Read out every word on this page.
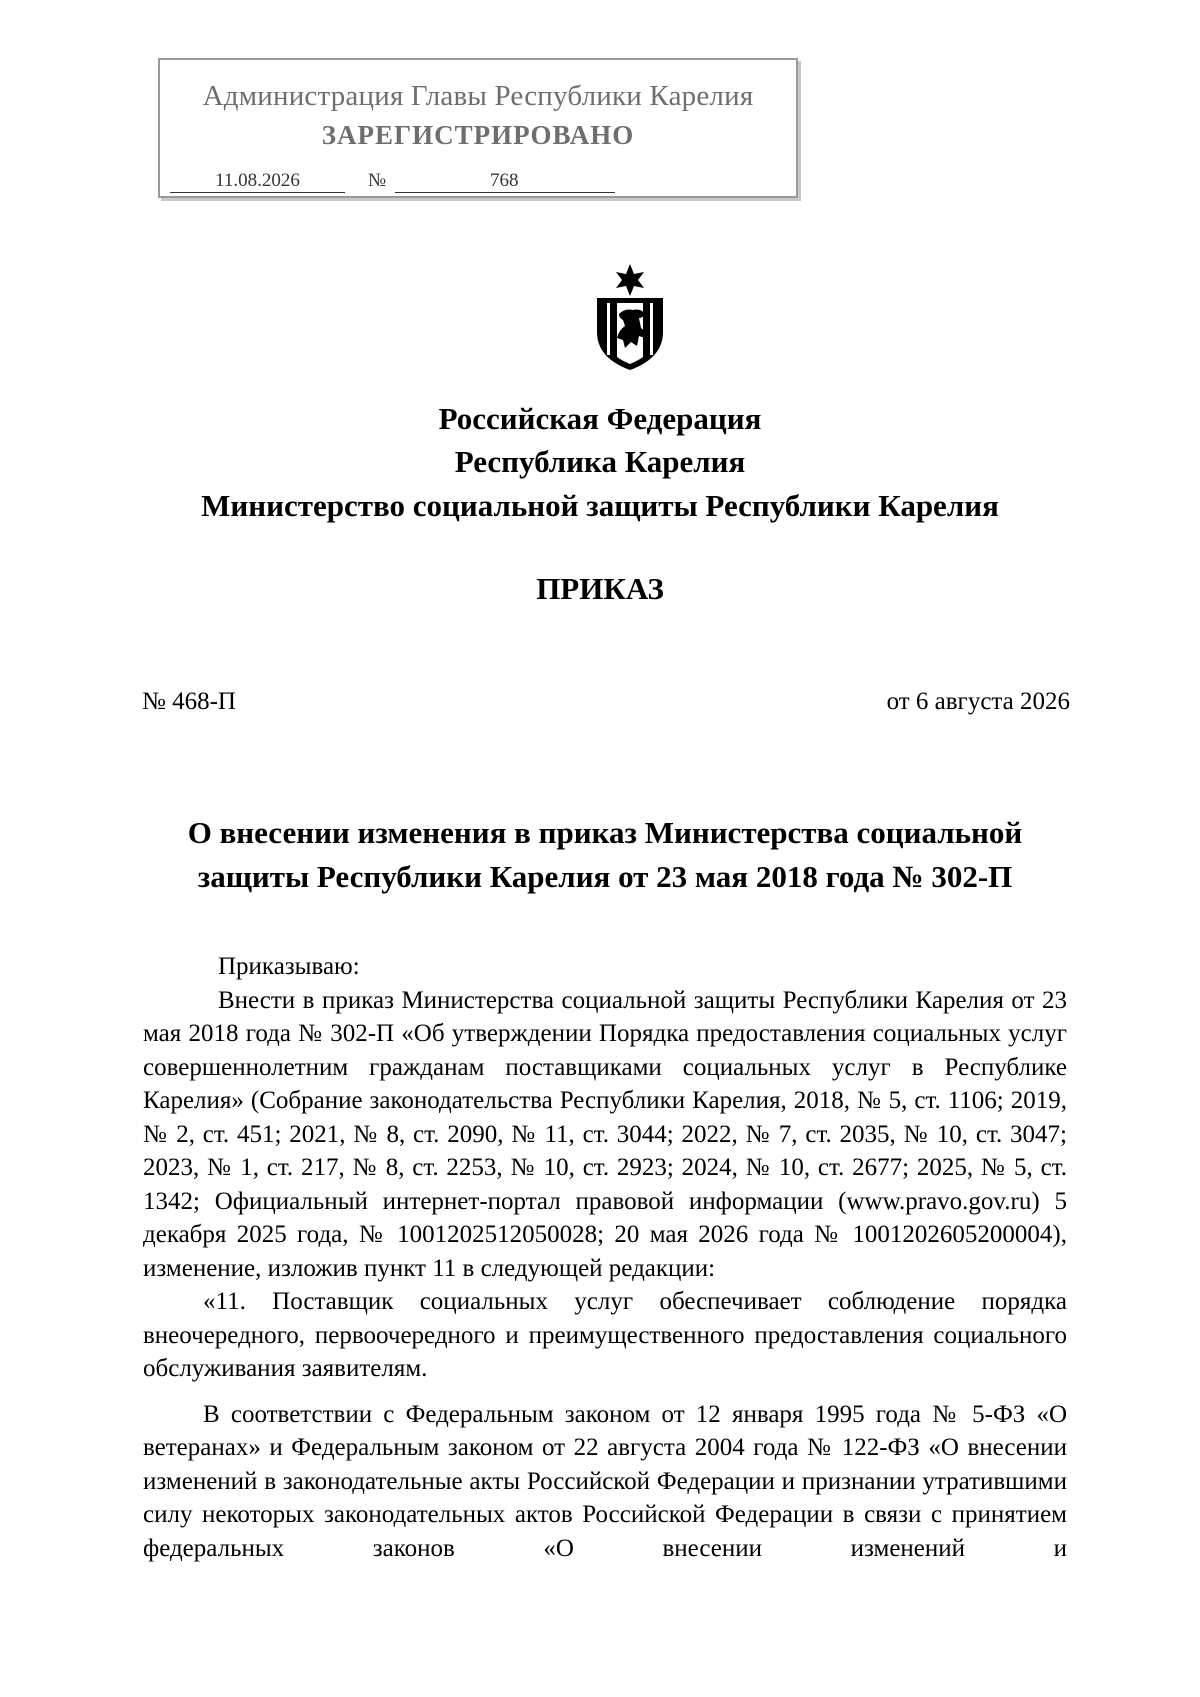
Администрация Главы Республики Карелия
ЗАРЕГИСТРИРОВАНО
11.08.2026	№	768
Российская Федерация
Республика Карелия
Министерство социальной защиты Республики Карелия
ПРИКАЗ
№ 468-П	от 6 августа 2026
О внесении изменения в приказ Министерства социальной защиты Республики Карелия от 23 мая 2018 года № 302-П

Приказываю:

Внести в приказ Министерства социальной защиты Республики Карелия от 23 мая 2018 года № 302-П «Об утверждении Порядка предоставления социальных услуг совершеннолетним гражданам поставщиками социальных услуг в Республике Карелия» (Собрание законодательства Республики Карелия, 2018, № 5, ст. 1106; 2019, № 2, ст. 451; 2021, № 8, ст. 2090, № 11, ст. 3044; 2022, № 7, ст. 2035, № 10, ст. 3047; 2023, № 1, ст. 217, № 8, ст. 2253, № 10, ст. 2923; 2024, № 10, ст. 2677; 2025, № 5, ст. 1342; Официальный интернет-портал правовой информации (www.pravo.gov.ru) 5 декабря 2025 года, № 1001202512050028; 20 мая 2026 года № 1001202605200004), изменение, изложив пункт 11 в следующей редакции:

«11. Поставщик социальных услуг обеспечивает соблюдение порядка внеочередного, первоочередного и преимущественного предоставления социального обслуживания заявителям.

В соответствии с Федеральным законом от 12 января 1995 года № 5-ФЗ «О ветеранах» и Федеральным законом от 22 августа 2004 года № 122-ФЗ «О внесении изменений в законодательные акты Российской Федерации и признании утратившими силу некоторых законодательных актов Российской Федерации в связи с принятием федеральных законов «О внесении изменений и
